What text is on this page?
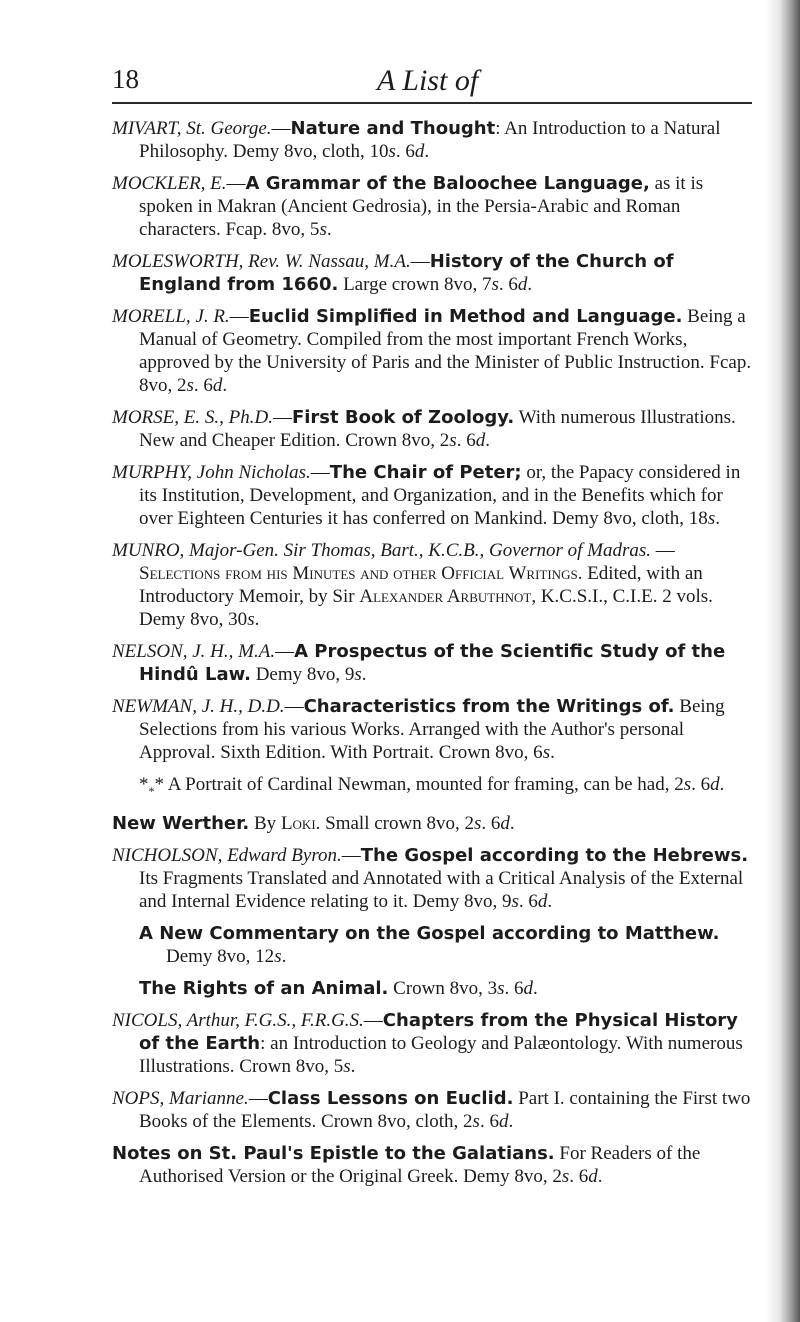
18	A List of
MIVART, St. George.—Nature and Thought: An Introduction to a Natural Philosophy. Demy 8vo, cloth, 10s. 6d.
MOCKLER, E.—A Grammar of the Baloochee Language, as it is spoken in Makran (Ancient Gedrosia), in the Persia-Arabic and Roman characters. Fcap. 8vo, 5s.
MOLESWORTH, Rev. W. Nassau, M.A.—History of the Church of England from 1660. Large crown 8vo, 7s. 6d.
MORELL, J. R.—Euclid Simplified in Method and Language. Being a Manual of Geometry. Compiled from the most important French Works, approved by the University of Paris and the Minister of Public Instruction. Fcap. 8vo, 2s. 6d.
MORSE, E. S., Ph.D.—First Book of Zoology. With numerous Illustrations. New and Cheaper Edition. Crown 8vo, 2s. 6d.
MURPHY, John Nicholas.—The Chair of Peter; or, the Papacy considered in its Institution, Development, and Organization, and in the Benefits which for over Eighteen Centuries it has conferred on Mankind. Demy 8vo, cloth, 18s.
MUNRO, Major-Gen. Sir Thomas, Bart., K.C.B., Governor of Madras. —Selections from his Minutes and other Official Writings. Edited, with an Introductory Memoir, by Sir Alexander Arbuthnot, K.C.S.I., C.I.E. 2 vols. Demy 8vo, 30s.
NELSON, J. H., M.A.—A Prospectus of the Scientific Study of the Hindû Law. Demy 8vo, 9s.
NEWMAN, J. H., D.D.—Characteristics from the Writings of. Being Selections from his various Works. Arranged with the Author's personal Approval. Sixth Edition. With Portrait. Crown 8vo, 6s.
$*_**$ A Portrait of Cardinal Newman, mounted for framing, can be had, 2s. 6d.
New Werther. By Loki. Small crown 8vo, 2s. 6d.
NICHOLSON, Edward Byron.—The Gospel according to the Hebrews. Its Fragments Translated and Annotated with a Critical Analysis of the External and Internal Evidence relating to it. Demy 8vo, 9s. 6d.
A New Commentary on the Gospel according to Matthew. Demy 8vo, 12s.
The Rights of an Animal. Crown 8vo, 3s. 6d.
NICOLS, Arthur, F.G.S., F.R.G.S.—Chapters from the Physical History of the Earth: an Introduction to Geology and Palæontology. With numerous Illustrations. Crown 8vo, 5s.
NOPS, Marianne.—Class Lessons on Euclid. Part I. containing the First two Books of the Elements. Crown 8vo, cloth, 2s. 6d.
Notes on St. Paul's Epistle to the Galatians. For Readers of the Authorised Version or the Original Greek. Demy 8vo, 2s. 6d.
